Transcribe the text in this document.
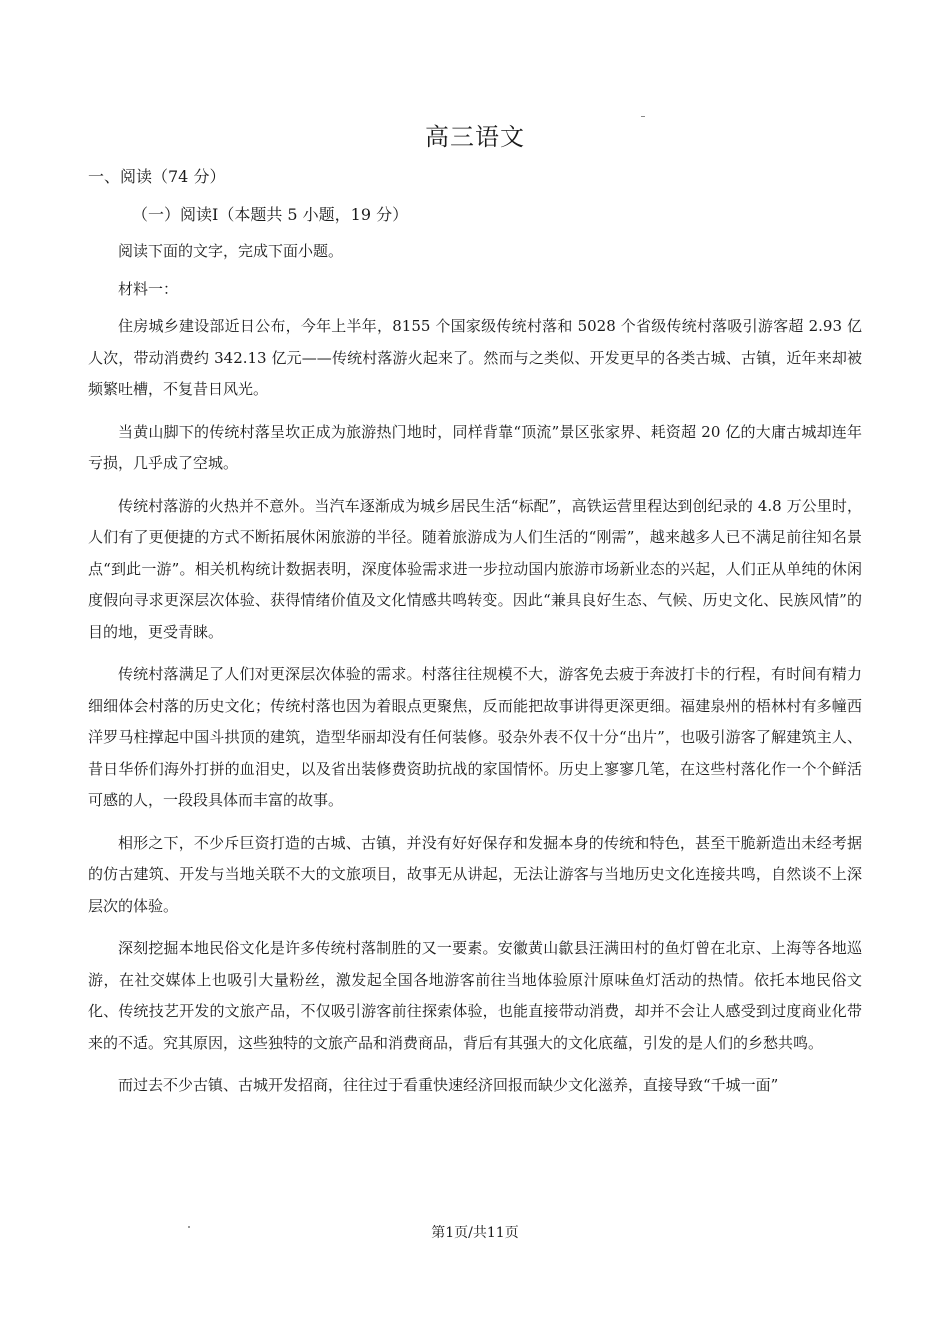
高三语文
一、阅读（74 分）
（一）阅读Ⅰ（本题共 5 小题，19 分）
阅读下面的文字，完成下面小题。
材料一：

住房城乡建设部近日公布，今年上半年，8155 个国家级传统村落和 5028 个省级传统村落吸引游客超 2.93 亿人次，带动消费约 342.13 亿元——传统村落游火起来了。然而与之类似、开发更早的各类古城、古镇，近年来却被频繁吐槽，不复昔日风光。

当黄山脚下的传统村落呈坎正成为旅游热门地时，同样背靠“顶流”景区张家界、耗资超 20 亿的大庸古城却连年亏损，几乎成了空城。

传统村落游的火热并不意外。当汽车逐渐成为城乡居民生活“标配”，高铁运营里程达到创纪录的 4.8 万公里时，人们有了更便捷的方式不断拓展休闲旅游的半径。随着旅游成为人们生活的“刚需”，越来越多人已不满足前往知名景点“到此一游”。相关机构统计数据表明，深度体验需求进一步拉动国内旅游市场新业态的兴起，人们正从单纯的休闲度假向寻求更深层次体验、获得情绪价值及文化情感共鸣转变。因此“兼具良好生态、气候、历史文化、民族风情”的目的地，更受青睐。

传统村落满足了人们对更深层次体验的需求。村落往往规模不大，游客免去疲于奔波打卡的行程，有时间有精力细细体会村落的历史文化；传统村落也因为着眼点更聚焦，反而能把故事讲得更深更细。福建泉州的梧林村有多幢西洋罗马柱撑起中国斗拱顶的建筑，造型华丽却没有任何装修。驳杂外表不仅十分“出片”，也吸引游客了解建筑主人、昔日华侨们海外打拼的血泪史，以及省出装修费资助抗战的家国情怀。历史上寥寥几笔，在这些村落化作一个个鲜活可感的人，一段段具体而丰富的故事。

相形之下，不少斥巨资打造的古城、古镇，并没有好好保存和发掘本身的传统和特色，甚至干脆新造出未经考据的仿古建筑、开发与当地关联不大的文旅项目，故事无从讲起，无法让游客与当地历史文化连接共鸣，自然谈不上深层次的体验。

深刻挖掘本地民俗文化是许多传统村落制胜的又一要素。安徽黄山歙县汪满田村的鱼灯曾在北京、上海等各地巡游，在社交媒体上也吸引大量粉丝，激发起全国各地游客前往当地体验原汁原味鱼灯活动的热情。依托本地民俗文化、传统技艺开发的文旅产品，不仅吸引游客前往探索体验，也能直接带动消费，却并不会让人感受到过度商业化带来的不适。究其原因，这些独特的文旅产品和消费商品，背后有其强大的文化底蕴，引发的是人们的乡愁共鸣。

而过去不少古镇、古城开发招商，往往过于看重快速经济回报而缺少文化滋养，直接导致“千城一面”

第1页/共11页
